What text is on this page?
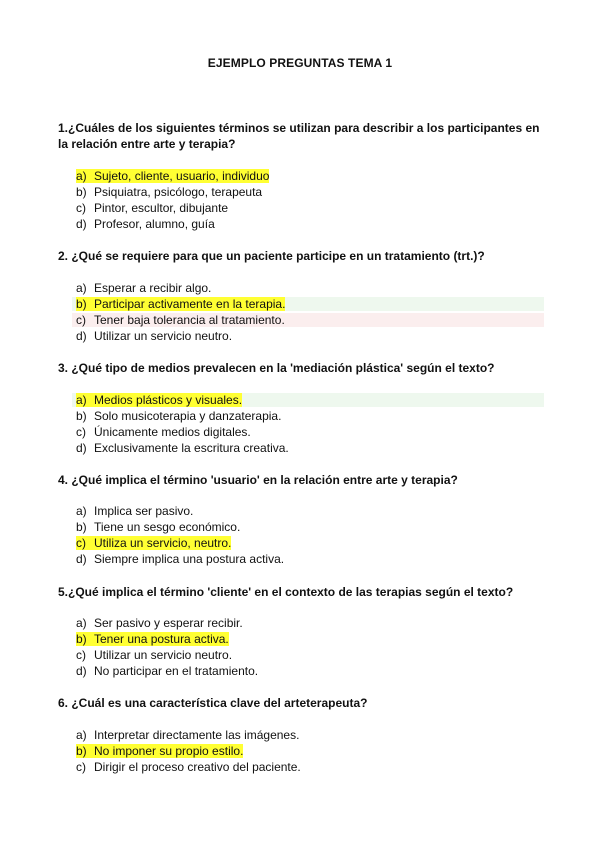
EJEMPLO PREGUNTAS TEMA 1
1.¿Cuáles de los siguientes términos se utilizan para describir a los participantes en la relación entre arte y terapia?
a) Sujeto, cliente, usuario, individuo
b) Psiquiatra, psicólogo, terapeuta
c) Pintor, escultor, dibujante
d) Profesor, alumno, guía
2. ¿Qué se requiere para que un paciente participe en un tratamiento (trt.)?
a) Esperar a recibir algo.
b) Participar activamente en la terapia.
c) Tener baja tolerancia al tratamiento.
d) Utilizar un servicio neutro.
3. ¿Qué tipo de medios prevalecen en la 'mediación plástica' según el texto?
a) Medios plásticos y visuales.
b) Solo musicoterapia y danzaterapia.
c) Únicamente medios digitales.
d) Exclusivamente la escritura creativa.
4. ¿Qué implica el término 'usuario' en la relación entre arte y terapia?
a) Implica ser pasivo.
b) Tiene un sesgo económico.
c) Utiliza un servicio, neutro.
d) Siempre implica una postura activa.
5.¿Qué implica el término 'cliente' en el contexto de las terapias según el texto?
a) Ser pasivo y esperar recibir.
b) Tener una postura activa.
c) Utilizar un servicio neutro.
d) No participar en el tratamiento.
6. ¿Cuál es una característica clave del arteterapeuta?
a) Interpretar directamente las imágenes.
b) No imponer su propio estilo.
c) Dirigir el proceso creativo del paciente.
